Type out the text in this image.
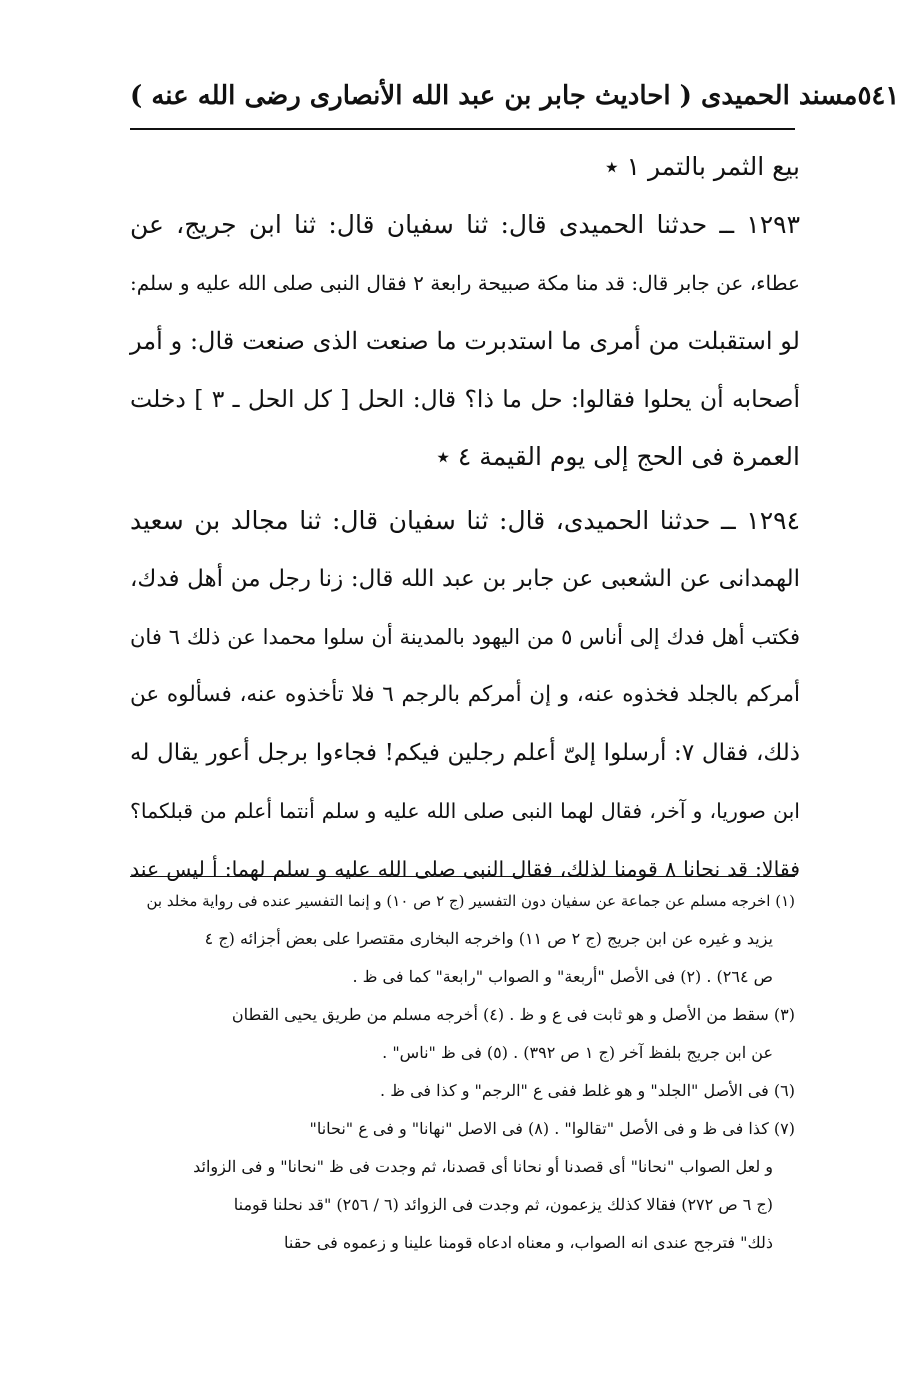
مسند الحميدى ( احاديث جابر بن عبد الله الأنصارى رضى الله عنه ) ٥٤١
بيع الثمر بالتمر ١ ٭
١٢٩٣ ــ حدثنا الحميدى قال: ثنا سفيان قال: ثنا ابن جريج، عن
عطاء، عن جابر قال: قد منا مكة صبيحة رابعة ٢ فقال النبى صلى الله عليه و سلم:
لو استقبلت من أمرى ما استدبرت ما صنعت الذى صنعت قال: و أمر
أصحابه أن يحلوا فقالوا: حل ما ذا؟ قال: الحل [ كل الحل ـ ٣ ] دخلت
العمرة فى الحج إلى يوم القيمة ٤ ٭
١٢٩٤ ــ حدثنا الحميدى، قال: ثنا سفيان قال: ثنا مجالد بن سعيد
الهمدانى عن الشعبى عن جابر بن عبد الله قال: زنا رجل من أهل فدك،
فكتب أهل فدك إلى أناس ٥ من اليهود بالمدينة أن سلوا محمدا عن ذلك ٦ فان
أمركم بالجلد فخذوه عنه، و إن أمركم بالرجم ٦ فلا تأخذوه عنه، فسألوه عن
ذلك، فقال ٧: أرسلوا إلىّ أعلم رجلين فيكم! فجاءوا برجل أعور يقال له
ابن صوريا، و آخر، فقال لهما النبى صلى الله عليه و سلم أنتما أعلم من قبلكما؟
فقالا: قد نحانا ٨ قومنا لذلك، فقال النبى صلى الله عليه و سلم لهما: أ ليس عند
(١) اخرجه مسلم عن جماعة عن سفيان دون التفسير (ج ٢ ص ١٠) و إنما التفسير عنده فى رواية مخلد بن
يزيد و غيره عن ابن جريج (ج ٢ ص ١١) واخرجه البخارى مقتصرا على بعض أجزائه (ج ٤
ص ٢٦٤) . (٢) فى الأصل "أربعة" و الصواب "رابعة" كما فى ظ .
(٣) سقط من الأصل و هو ثابت فى ع و ظ . (٤) أخرجه مسلم من طريق يحيى القطان
عن ابن جريج بلفظ آخر (ج ١ ص ٣٩٢) . (٥) فى ظ "ناس" .
(٦) فى الأصل "الجلد" و هو غلط ففى ع "الرجم" و كذا فى ظ .
(٧) كذا فى ظ و فى الأصل "تقالوا" . (٨) فى الاصل "نهانا" و فى ع "نحانا"
و لعل الصواب "نحانا" أى قصدنا أو نحانا أى قصدنا، ثم وجدت فى ظ "نحانا" و فى الزوائد
(ج ٦ ص ٢٧٢) فقالا كذلك يزعمون، ثم وجدت فى الزوائد (٦ / ٢٥٦) "قد نحلنا قومنا
ذلك" فترجح عندى انه الصواب، و معناه ادعاه قومنا علينا و زعموه فى حقنا
